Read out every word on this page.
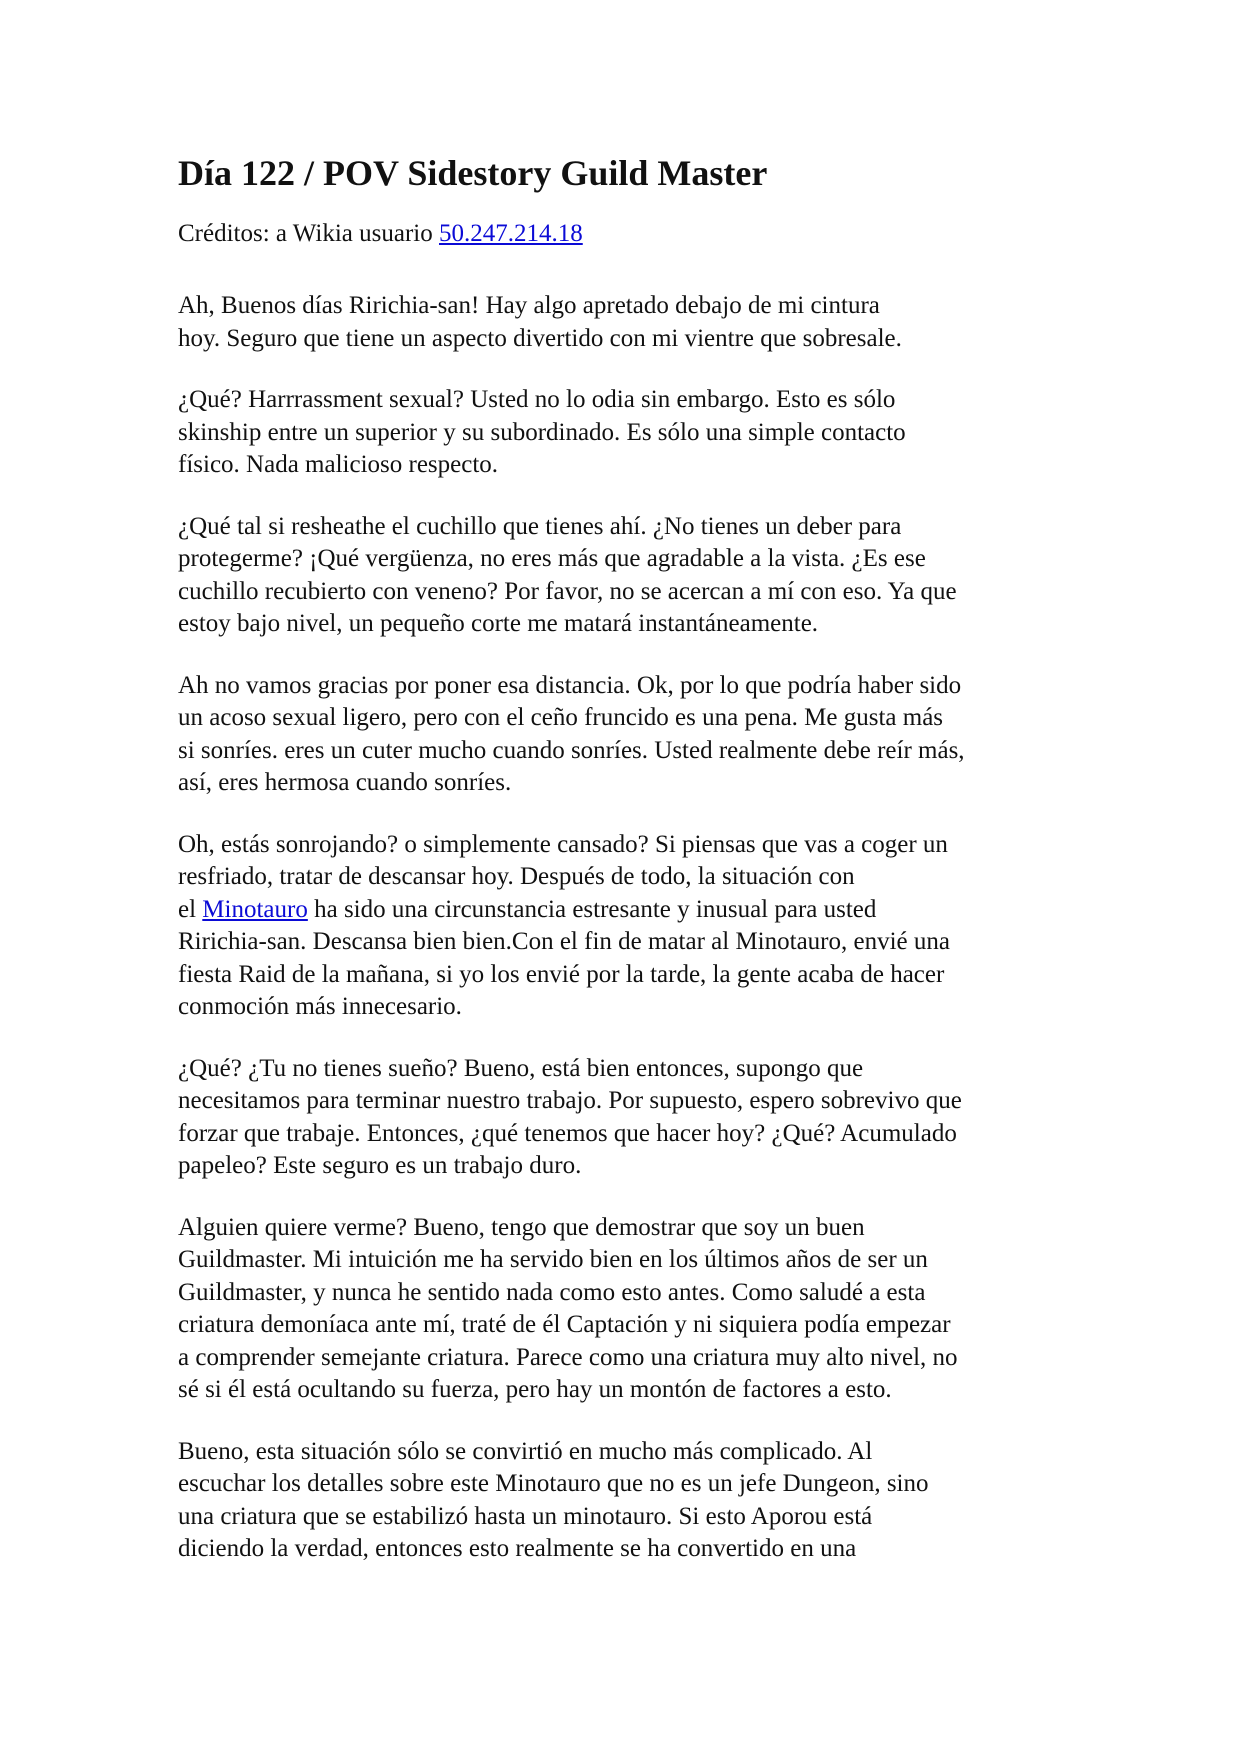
Día 122 / POV Sidestory Guild Master

Créditos: a Wikia usuario 50.247.214.18

Ah, Buenos días Ririchia-san! Hay algo apretado debajo de mi cintura
hoy. Seguro que tiene un aspecto divertido con mi vientre que sobresale.

¿Qué? Harrrassment sexual? Usted no lo odia sin embargo. Esto es sólo
skinship entre un superior y su subordinado. Es sólo una simple contacto
físico. Nada malicioso respecto.

¿Qué tal si resheathe el cuchillo que tienes ahí. ¿No tienes un deber para
protegerme? ¡Qué vergüenza, no eres más que agradable a la vista. ¿Es ese
cuchillo recubierto con veneno? Por favor, no se acercan a mí con eso. Ya que
estoy bajo nivel, un pequeño corte me matará instantáneamente.

Ah no vamos gracias por poner esa distancia. Ok, por lo que podría haber sido
un acoso sexual ligero, pero con el ceño fruncido es una pena. Me gusta más
si sonríes. eres un cuter mucho cuando sonríes. Usted realmente debe reír más,
así, eres hermosa cuando sonríes.

Oh, estás sonrojando? o simplemente cansado? Si piensas que vas a coger un
resfriado, tratar de descansar hoy. Después de todo, la situación con
el Minotauro ha sido una circunstancia estresante y inusual para usted
Ririchia-san. Descansa bien bien.Con el fin de matar al Minotauro, envié una
fiesta Raid de la mañana, si yo los envié por la tarde, la gente acaba de hacer
conmoción más innecesario.

¿Qué? ¿Tu no tienes sueño? Bueno, está bien entonces, supongo que
necesitamos para terminar nuestro trabajo. Por supuesto, espero sobrevivo que
forzar que trabaje. Entonces, ¿qué tenemos que hacer hoy? ¿Qué? Acumulado
papeleo? Este seguro es un trabajo duro.

Alguien quiere verme? Bueno, tengo que demostrar que soy un buen
Guildmaster. Mi intuición me ha servido bien en los últimos años de ser un
Guildmaster, y nunca he sentido nada como esto antes. Como saludé a esta
criatura demoníaca ante mí, traté de él Captación y ni siquiera podía empezar
a comprender semejante criatura. Parece como una criatura muy alto nivel, no
sé si él está ocultando su fuerza, pero hay un montón de factores a esto.

Bueno, esta situación sólo se convirtió en mucho más complicado. Al
escuchar los detalles sobre este Minotauro que no es un jefe Dungeon, sino
una criatura que se estabilizó hasta un minotauro. Si esto Aporou está
diciendo la verdad, entonces esto realmente se ha convertido en una
